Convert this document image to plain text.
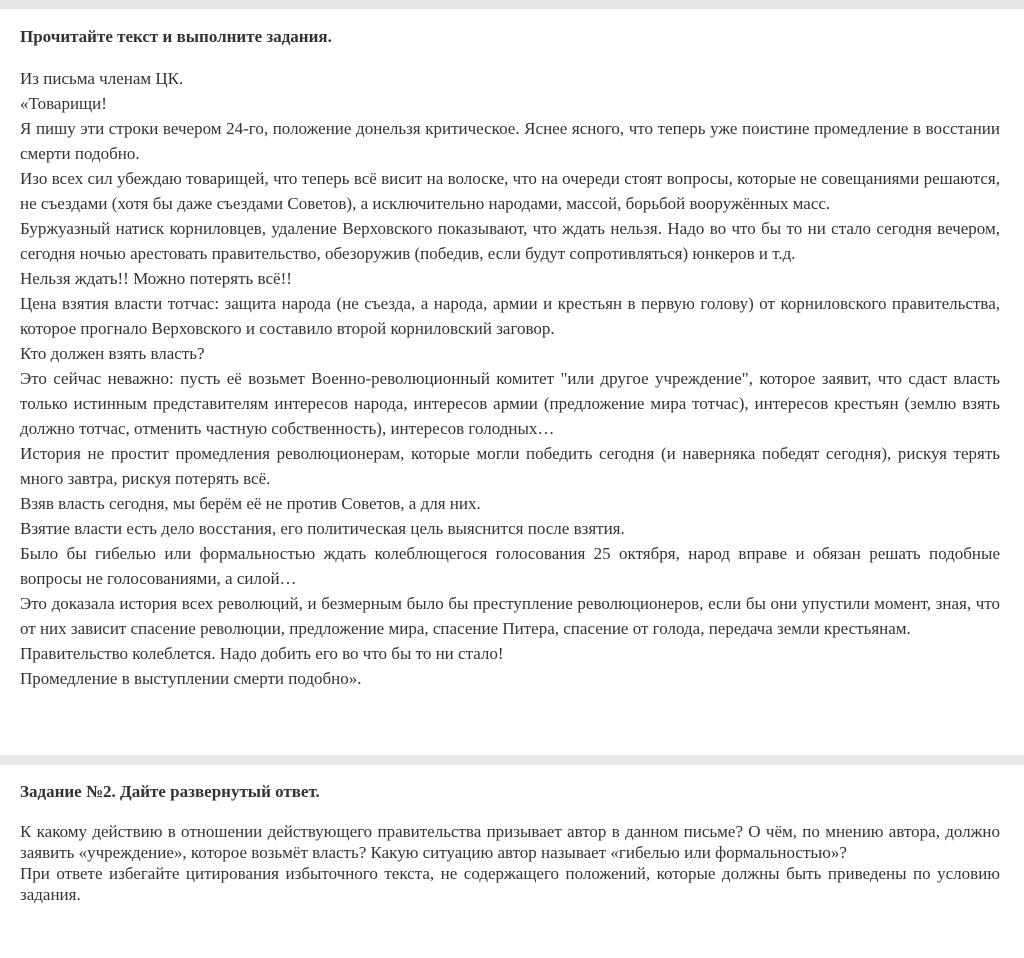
Прочитайте текст и выполните задания.

Из письма членам ЦК.

«Товарищи!

Я пишу эти строки вечером 24-го, положение донельзя критическое. Яснее ясного, что теперь уже поистине промедление в восстании смерти подобно.

Изо всех сил убеждаю товарищей, что теперь всё висит на волоске, что на очереди стоят вопросы, которые не совещаниями решаются, не съездами (хотя бы даже съездами Советов), а исключительно народами, массой, борьбой вооружённых масс.

Буржуазный натиск корниловцев, удаление Верховского показывают, что ждать нельзя. Надо во что бы то ни стало сегодня вечером, сегодня ночью арестовать правительство, обезоружив (победив, если будут сопротивляться) юнкеров и т.д.

Нельзя ждать!! Можно потерять всё!!

Цена взятия власти тотчас: защита народа (не съезда, а народа, армии и крестьян в первую голову) от корниловского правительства, которое прогнало Верховского и составило второй корниловский заговор.

Кто должен взять власть?

Это сейчас неважно: пусть её возьмет Военно-революционный комитет "или другое учреждение", которое заявит, что сдаст власть только истинным представителям интересов народа, интересов армии (предложение мира тотчас), интересов крестьян (землю взять должно тотчас, отменить частную собственность), интересов голодных…

История не простит промедления революционерам, которые могли победить сегодня (и наверняка победят сегодня), рискуя терять много завтра, рискуя потерять всё.

Взяв власть сегодня, мы берём её не против Советов, а для них.

Взятие власти есть дело восстания, его политическая цель выяснится после взятия.

Было бы гибелью или формальностью ждать колеблющегося голосования 25 октября, народ вправе и обязан решать подобные вопросы не голосованиями, а силой…

Это доказала история всех революций, и безмерным было бы преступление революционеров, если бы они упустили момент, зная, что от них зависит спасение революции, предложение мира, спасение Питера, спасение от голода, передача земли крестьянам.

Правительство колеблется. Надо добить его во что бы то ни стало!

Промедление в выступлении смерти подобно».

Задание №2. Дайте развернутый ответ.

К какому действию в отношении действующего правительства призывает автор в данном письме? О чём, по мнению автора, должно заявить «учреждение», которое возьмёт власть? Какую ситуацию автор называет «гибелью или формальностью»?

При ответе избегайте цитирования избыточного текста, не содержащего положений, которые должны быть приведены по условию задания.
